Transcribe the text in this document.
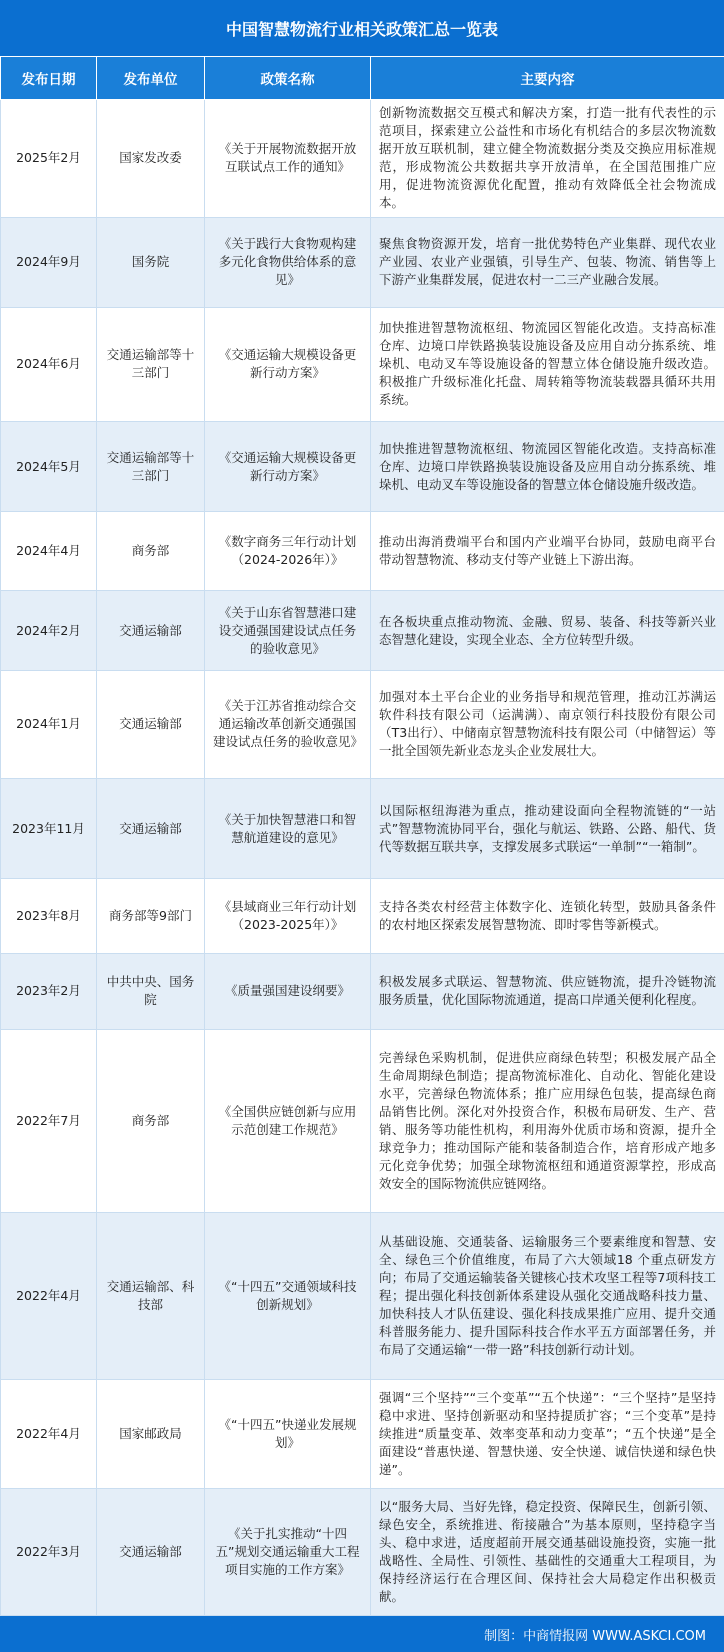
中国智慧物流行业相关政策汇总一览表
发布日期	发布单位	政策名称	主要内容
2025年2月	国家发改委	《关于开展物流数据开放互联试点工作的通知》	创新物流数据交互模式和解决方案，打造一批有代表性的示范项目，探索建立公益性和市场化有机结合的多层次物流数据开放互联机制，建立健全物流数据分类及交换应用标准规范，形成物流公共数据共享开放清单，在全国范围推广应用，促进物流资源优化配置，推动有效降低全社会物流成本。
2024年9月	国务院	《关于践行大食物观构建多元化食物供给体系的意见》	聚焦食物资源开发，培育一批优势特色产业集群、现代农业产业园、农业产业强镇，引导生产、包装、物流、销售等上下游产业集群发展，促进农村一二三产业融合发展。
2024年6月	交通运输部等十三部门	《交通运输大规模设备更新行动方案》	加快推进智慧物流枢纽、物流园区智能化改造。支持高标准仓库、边境口岸铁路换装设施设备及应用自动分拣系统、堆垛机、电动叉车等设施设备的智慧立体仓储设施升级改造。积极推广升级标准化托盘、周转箱等物流装载器具循环共用系统。
2024年5月	交通运输部等十三部门	《交通运输大规模设备更新行动方案》	加快推进智慧物流枢纽、物流园区智能化改造。支持高标准仓库、边境口岸铁路换装设施设备及应用自动分拣系统、堆垛机、电动叉车等设施设备的智慧立体仓储设施升级改造。
2024年4月	商务部	《数字商务三年行动计划（2024-2026年）》	推动出海消费端平台和国内产业端平台协同，鼓励电商平台带动智慧物流、移动支付等产业链上下游出海。
2024年2月	交通运输部	《关于山东省智慧港口建设交通强国建设试点任务的验收意见》	在各板块重点推动物流、金融、贸易、装备、科技等新兴业态智慧化建设，实现全业态、全方位转型升级。
2024年1月	交通运输部	《关于江苏省推动综合交通运输改革创新交通强国建设试点任务的验收意见》	加强对本土平台企业的业务指导和规范管理，推动江苏满运软件科技有限公司（运满满）、南京领行科技股份有限公司（T3出行）、中储南京智慧物流科技有限公司（中储智运）等一批全国领先新业态龙头企业发展壮大。
2023年11月	交通运输部	《关于加快智慧港口和智慧航道建设的意见》	以国际枢纽海港为重点，推动建设面向全程物流链的“一站式”智慧物流协同平台，强化与航运、铁路、公路、船代、货代等数据互联共享，支撑发展多式联运“一单制”“一箱制”。
2023年8月	商务部等9部门	《县域商业三年行动计划（2023-2025年）》	支持各类农村经营主体数字化、连锁化转型，鼓励具备条件的农村地区探索发展智慧物流、即时零售等新模式。
2023年2月	中共中央、国务院	《质量强国建设纲要》	积极发展多式联运、智慧物流、供应链物流，提升冷链物流服务质量，优化国际物流通道，提高口岸通关便利化程度。
2022年7月	商务部	《全国供应链创新与应用示范创建工作规范》	完善绿色采购机制，促进供应商绿色转型；积极发展产品全生命周期绿色制造；提高物流标准化、自动化、智能化建设水平，完善绿色物流体系；推广应用绿色包装，提高绿色商品销售比例。深化对外投资合作，积极布局研发、生产、营销、服务等功能性机构，利用海外优质市场和资源，提升全球竞争力；推动国际产能和装备制造合作，培育形成产地多元化竞争优势；加强全球物流枢纽和通道资源掌控，形成高效安全的国际物流供应链网络。
2022年4月	交通运输部、科技部	《“十四五”交通领域科技创新规划》	从基础设施、交通装备、运输服务三个要素维度和智慧、安全、绿色三个价值维度，布局了六大领域18 个重点研发方向；布局了交通运输装备关键核心技术攻坚工程等7项科技工程；提出强化科技创新体系建设从强化交通战略科技力量、加快科技人才队伍建设、强化科技成果推广应用、提升交通科普服务能力、提升国际科技合作水平五方面部署任务，并布局了交通运输“一带一路”科技创新行动计划。
2022年4月	国家邮政局	《“十四五”快递业发展规划》	强调“三个坚持”“三个变革”“五个快递”：“三个坚持”是坚持稳中求进、坚持创新驱动和坚持提质扩容；“三个变革”是持续推进“质量变革、效率变革和动力变革”；“五个快递”是全面建设“普惠快递、智慧快递、安全快递、诚信快递和绿色快递”。
2022年3月	交通运输部	《关于扎实推动“十四五”规划交通运输重大工程项目实施的工作方案》	以“服务大局、当好先锋，稳定投资、保障民生，创新引领、绿色安全，系统推进、衔接融合”为基本原则，坚持稳字当头、稳中求进，适度超前开展交通基础设施投资，实施一批战略性、全局性、引领性、基础性的交通重大工程项目，为保持经济运行在合理区间、保持社会大局稳定作出积极贡献。
制图：中商情报网 WWW.ASKCI.COM
